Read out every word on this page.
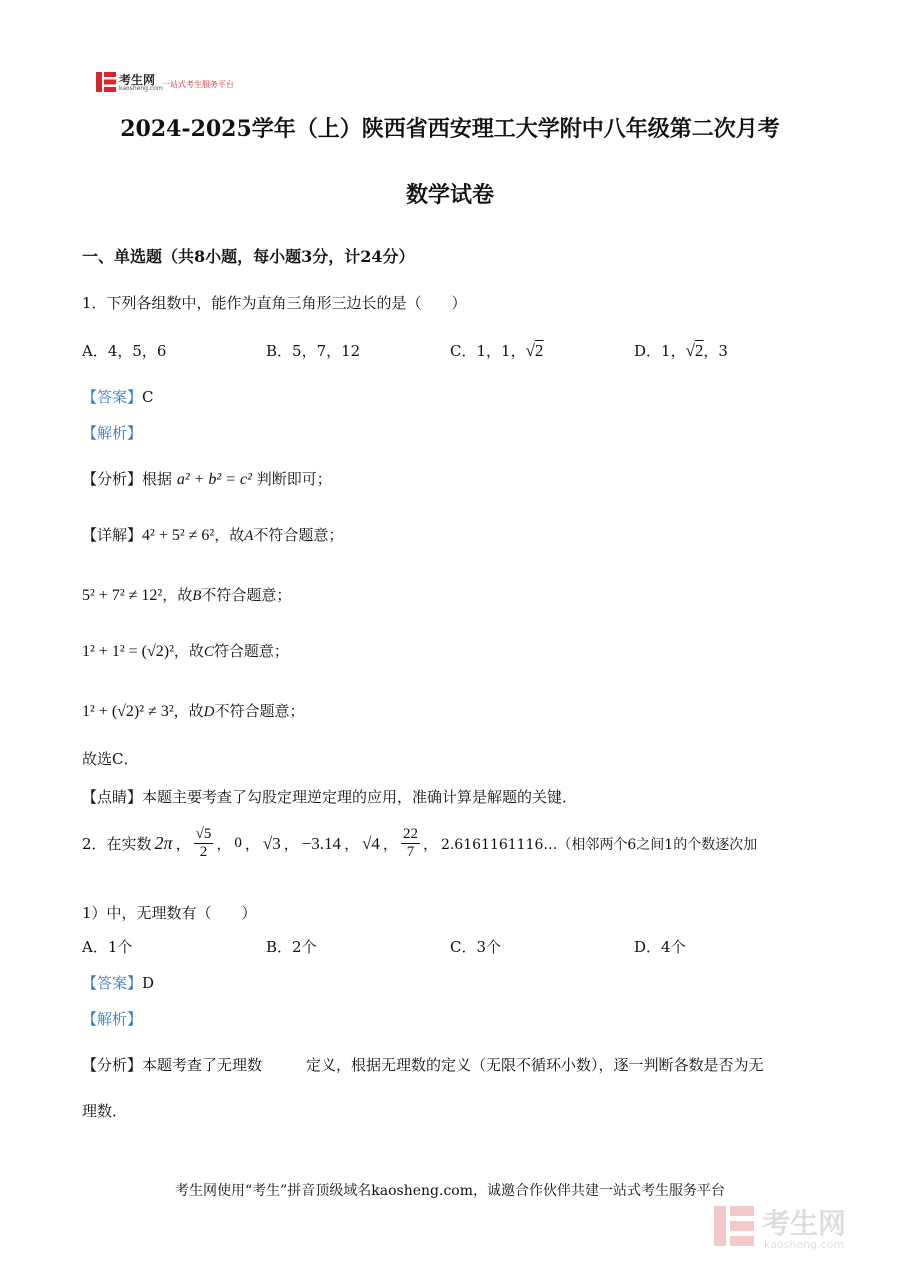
考生网
kaosheng.com 一站式考生服务平台
2024-2025学年（上）陕西省西安理工大学附中八年级第二次月考
数学试卷
一、单选题（共8小题，每小题3分，计24分）
1．下列各组数中，能作为直角三角形三边长的是（　　）
A．4，5，6	B．5，7，12	C．1，1，√2	D．1，√2，3
【答案】C
【解析】
【分析】根据 a² + b² = c² 判断即可；
【详解】4² + 5² ≠ 6²，故A不符合题意；
5² + 7² ≠ 12²，故B不符合题意；
1² + 1² = (√2)²，故C符合题意；
1² + (√2)² ≠ 3²，故D不符合题意；
故选C．
【点睛】本题主要考查了勾股定理逆定理的应用，准确计算是解题的关键．
2．在实数 2π ， $\frac{√5}{2}$ ， 0 ， √3 ， −3.14 ， √4 ， $\frac{22}{7}$ ， 2.6161161116…（相邻两个6之间1的个数逐次加
1）中，无理数有（　　）
A．1个	B．2个	C．3个	D．4个
【答案】D
【解析】
【分析】本题考查了无理数	定义，根据无理数的定义（无限不循环小数），逐一判断各数是否为无
理数．
考生网使用“考生”拼音顶级域名kaosheng.com，诚邀合作伙伴共建一站式考生服务平台
考生网
kaosheng.com
